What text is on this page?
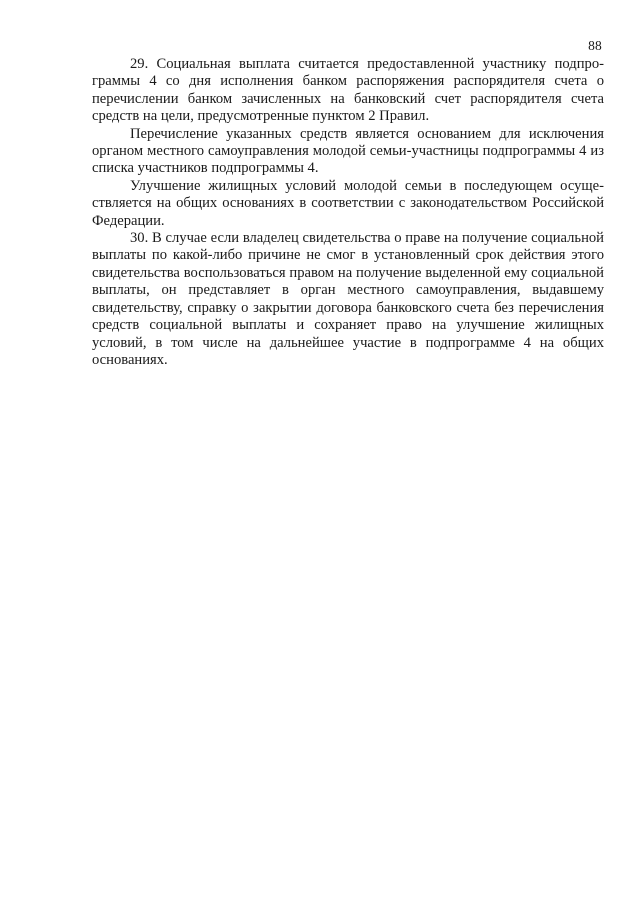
88

29. Социальная выплата считается предоставленной участнику подпрограммы 4 со дня исполнения банком распоряжения распорядителя счета о перечислении банком зачисленных на банковский счет распорядителя счета средств на цели, предусмотренные пунктом 2 Правил.

Перечисление указанных средств является основанием для исключения органом местного самоуправления молодой семьи-участницы подпрограммы 4 из списка участников подпрограммы 4.

Улучшение жилищных условий молодой семьи в последующем осуществляется на общих основаниях в соответствии с законодательством Российской Федерации.

30. В случае если владелец свидетельства о праве на получение социальной выплаты по какой-либо причине не смог в установленный срок действия этого свидетельства воспользоваться правом на получение выделенной ему социальной выплаты, он представляет в орган местного самоуправления, выдавшему свидетельству, справку о закрытии договора банковского счета без перечисления средств социальной выплаты и сохраняет право на улучшение жилищных условий, в том числе на дальнейшее участие в подпрограмме 4 на общих основаниях.
